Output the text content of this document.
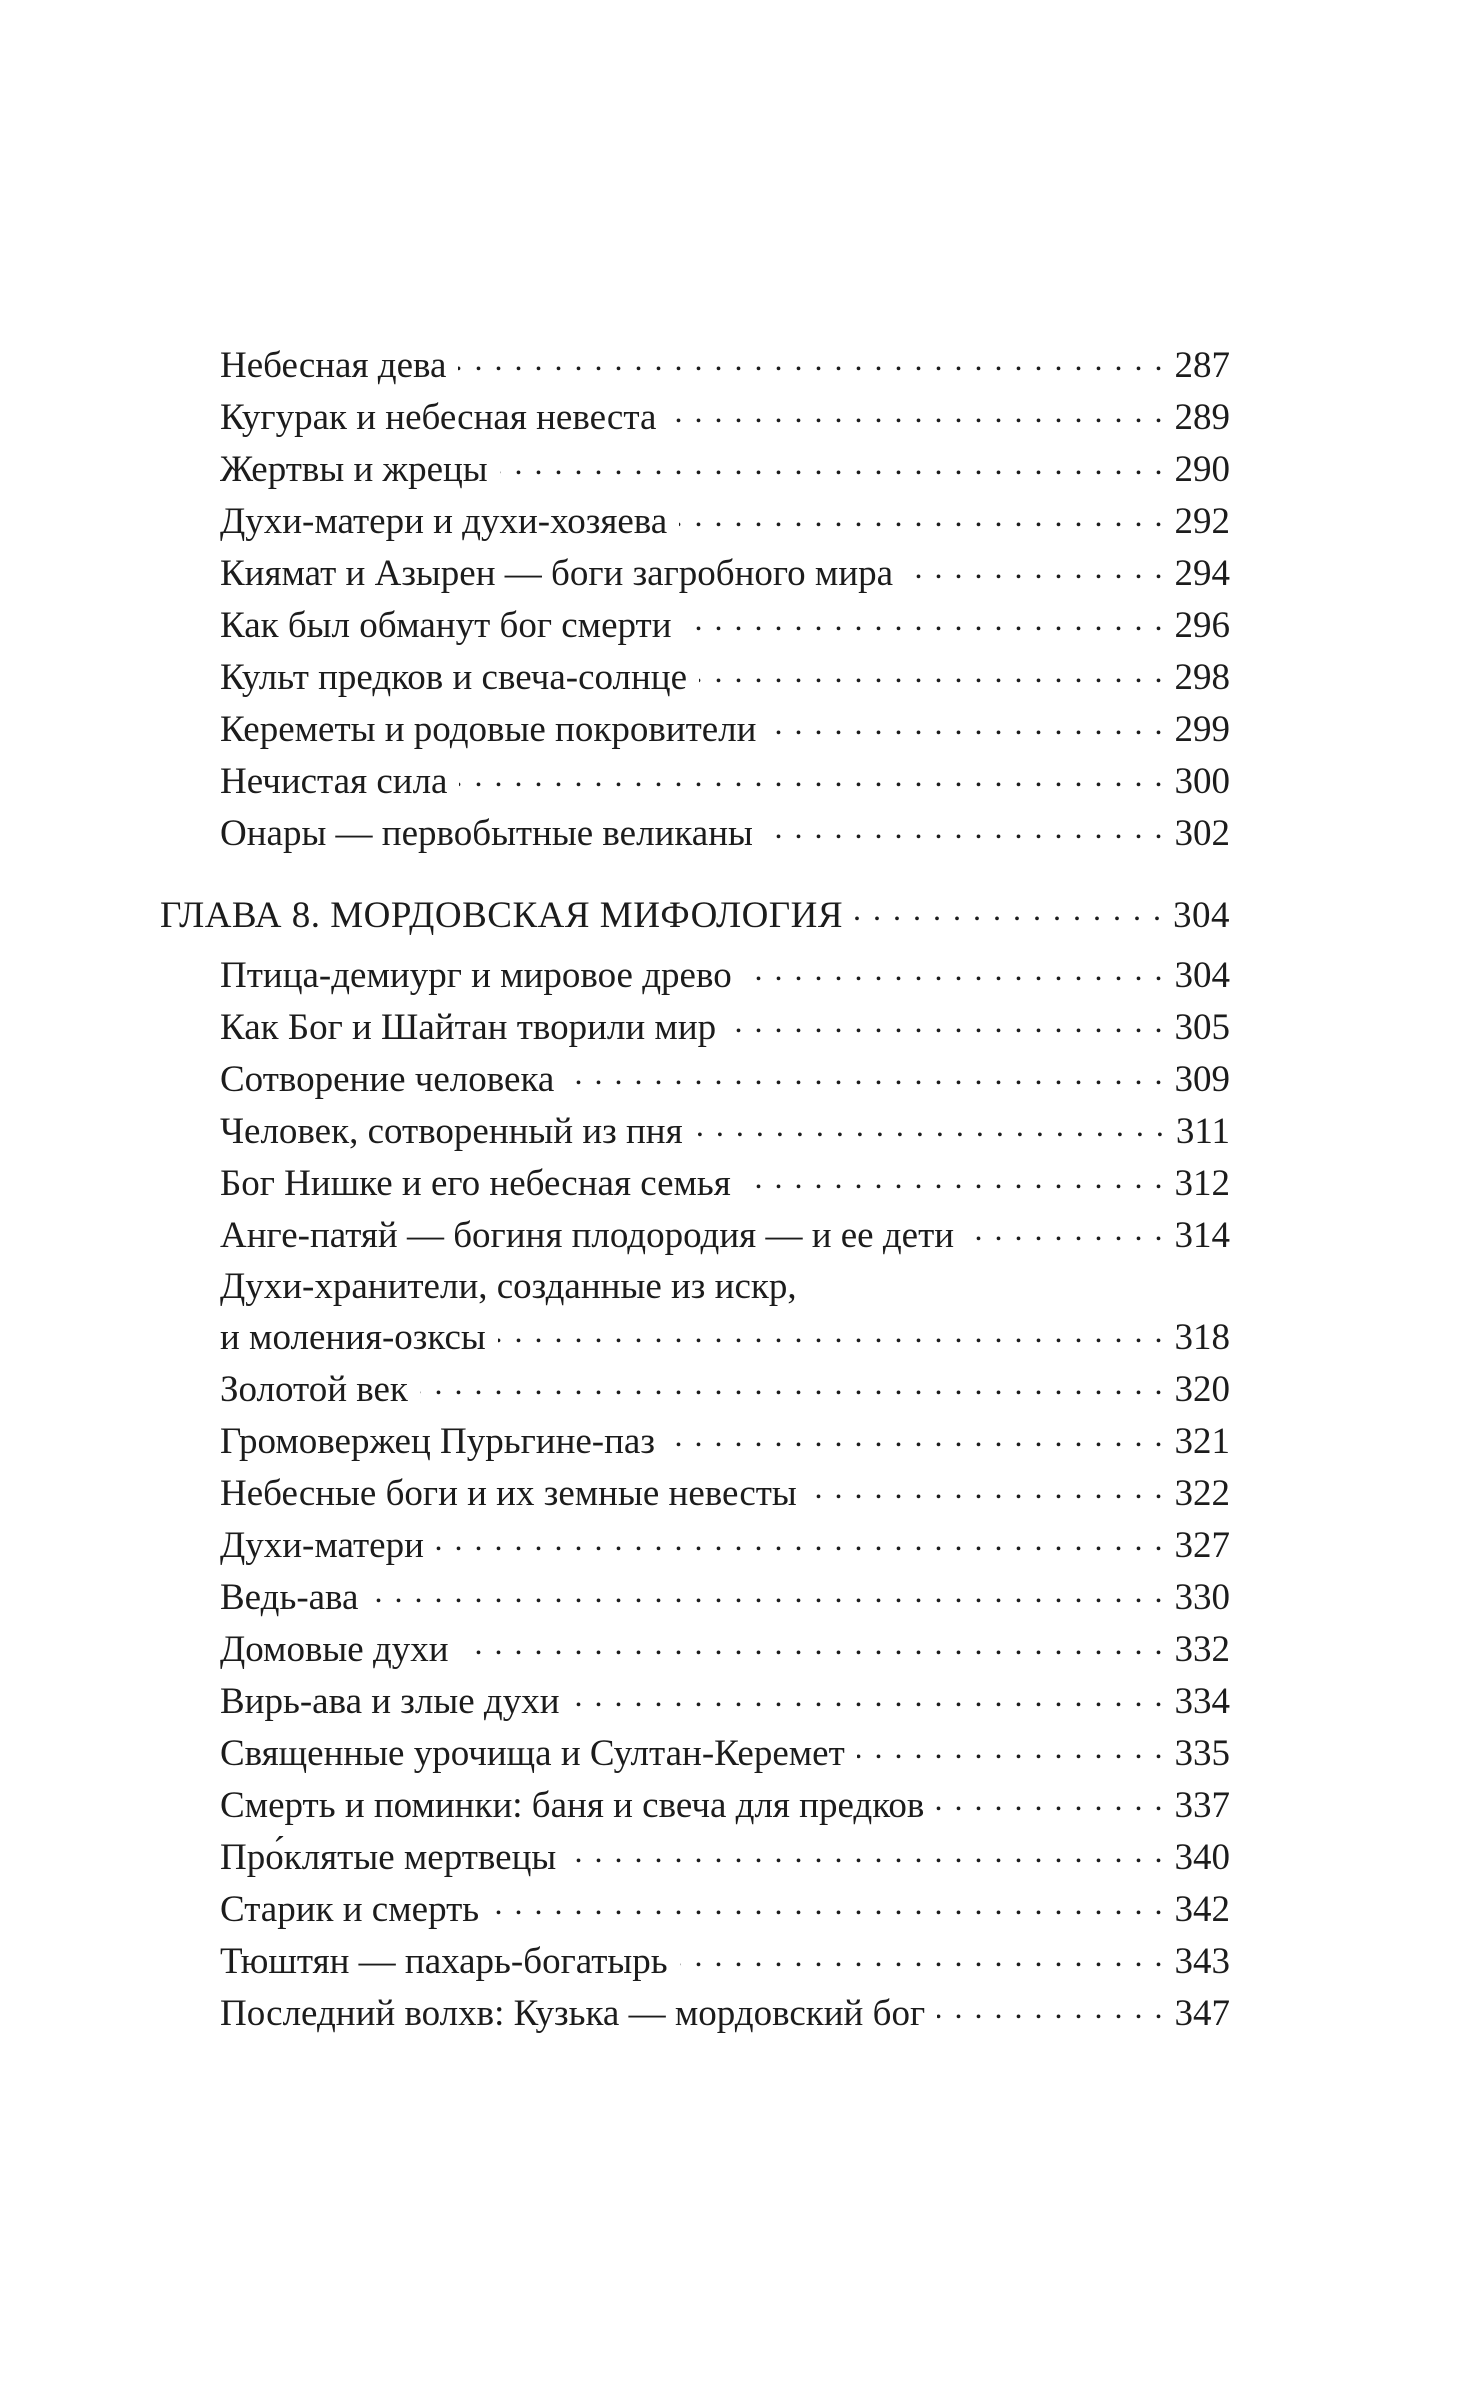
Небесная дева . . .	287
Кугурак и небесная невеста . . .	289
Жертвы и жрецы . . .	290
Духи-матери и духи-хозяева . . .	292
Киямат и Азырен — боги загробного мира . . .	294
Как был обманут бог смерти . . .	296
Культ предков и свеча-солнце . . .	298
Кереметы и родовые покровители . . .	299
Нечистая сила . . .	300
Онары — первобытные великаны . . .	302
ГЛАВА 8. МОРДОВСКАЯ МИФОЛОГИЯ . . .	304
Птица-демиург и мировое древо . . .	304
Как Бог и Шайтан творили мир . . .	305
Сотворение человека . . .	309
Человек, сотворенный из пня . . .	311
Бог Нишке и его небесная семья . . .	312
Анге-патяй — богиня плодородия — и ее дети . . .	314
Духи-хранители, созданные из искр,
и моления-озксы . . .	318
Золотой век . . .	320
Громовержец Пурьгине-паз . . .	321
Небесные боги и их земные невесты . . .	322
Духи-матери . . .	327
Ведь-ава . . .	330
Домовые духи . . .	332
Вирь-ава и злые духи . . .	334
Священные урочища и Султан-Керемет . . .	335
Смерть и поминки: баня и свеча для предков . . .	337
Про́клятые мертвецы . . .	340
Старик и смерть . . .	342
Тюштян — пахарь-богатырь . . .	343
Последний волхв: Кузька — мордовский бог . . .	347
